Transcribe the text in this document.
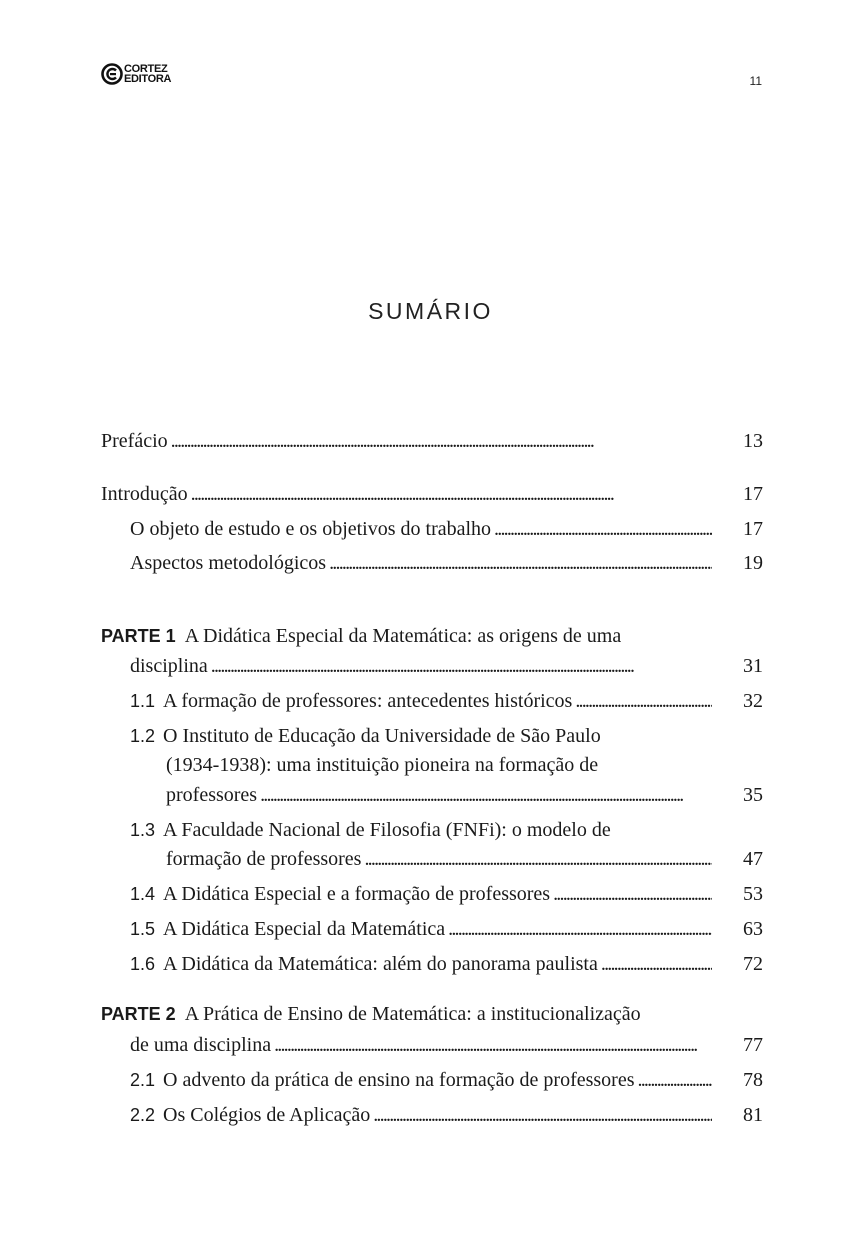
CORTEZ
EDITORA	11
SUMÁRIO
Prefácio . . .	13
Introdução . . .	17
O objeto de estudo e os objetivos do trabalho . . .	17
Aspectos metodológicos . . .	19
PARTE 1 A Didática Especial da Matemática: as origens de uma
disciplina . . .	31
1.1 A formação de professores: antecedentes históricos . . .	32
1.2 O Instituto de Educação da Universidade de São Paulo
(1934-1938): uma instituição pioneira na formação de
professores . . .	35
1.3 A Faculdade Nacional de Filosofia (FNFi): o modelo de
formação de professores . . .	47
1.4 A Didática Especial e a formação de professores . . .	53
1.5 A Didática Especial da Matemática . . .	63
1.6 A Didática da Matemática: além do panorama paulista . . .	72
PARTE 2 A Prática de Ensino de Matemática: a institucionalização
de uma disciplina . . .	77
2.1 O advento da prática de ensino na formação de professores . . .	78
2.2 Os Colégios de Aplicação . . .	81
